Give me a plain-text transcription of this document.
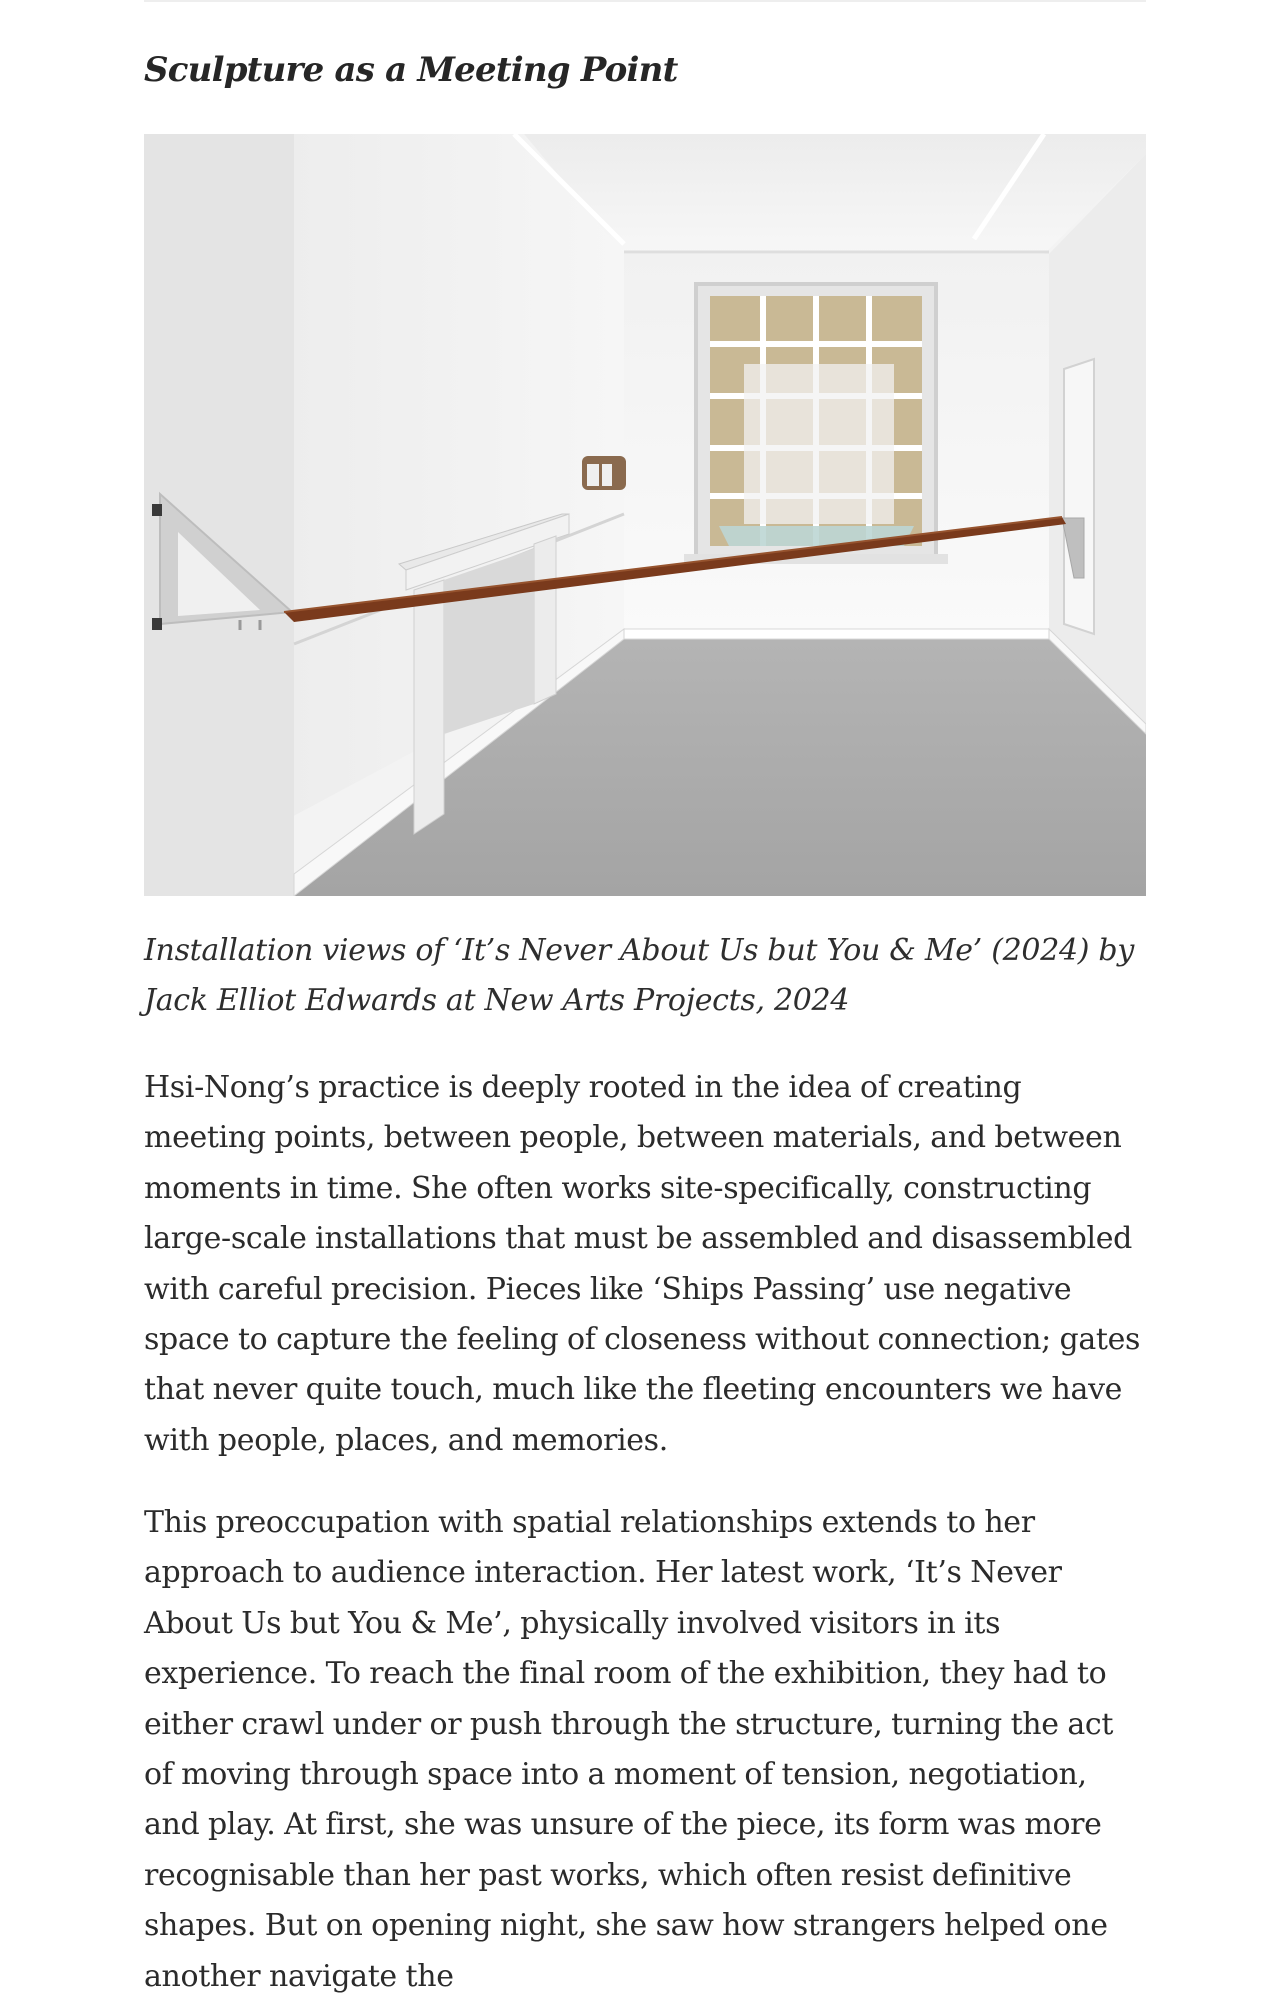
Sculpture as a Meeting Point

Installation views of ‘It’s Never About Us but You & Me’ (2024) by Jack Elliot Edwards at New Arts Projects, 2024

Hsi-Nong’s practice is deeply rooted in the idea of creating meeting points, between people, between materials, and between moments in time. She often works site-specifically, constructing large-scale installations that must be assembled and disassembled with careful precision. Pieces like ‘Ships Passing’ use negative space to capture the feeling of closeness without connection; gates that never quite touch, much like the fleeting encounters we have with people, places, and memories.

This preoccupation with spatial relationships extends to her approach to audience interaction. Her latest work, ‘It’s Never About Us but You & Me’, physically involved visitors in its experience. To reach the final room of the exhibition, they had to either crawl under or push through the structure, turning the act of moving through space into a moment of tension, negotiation, and play. At first, she was unsure of the piece, its form was more recognisable than her past works, which often resist definitive shapes. But on opening night, she saw how strangers helped one another navigate the
